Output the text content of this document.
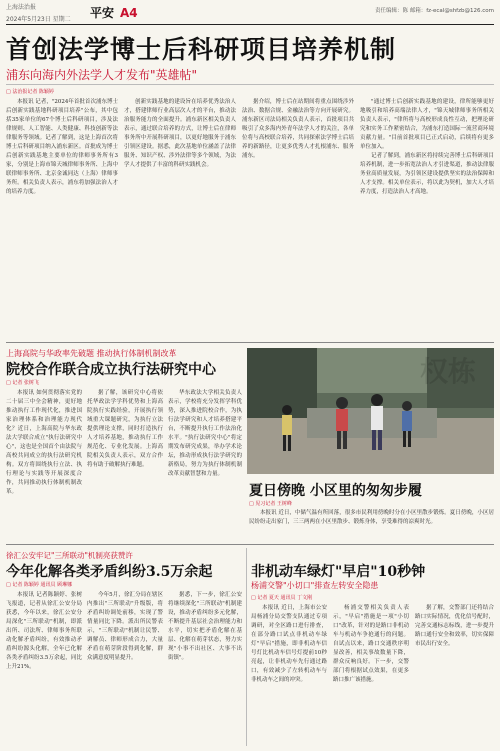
上海法治报
2024年5月23日 星期二 平安 A4	责任编辑：陈 邮箱：fz-ecal@shfzb@126.com
首创法学博士后科研项目培养机制
浦东向海内外法学人才发布"英雄帖"
□ 法治报记者 陈颖婷

本报讯 记者，"2024年首批首次浦东博士后创新实践基地科研项目培养"公布，其中包括35家单位的67个博士后科研项目，涉及法律规则、人工智能、人类健康、科技创新等法律服务等领域。记者了解到，这是上海首次将博士后科研项目纳入浦东新区。首批成为博士后创新实践基地主要单位的律师事务所有3家，分别是上海市锦天城律师事务所、上海中联律师事务所、北京金诚同达（上海）律师事务所。相关负责人表示，浦东将加强法治人才的培养力度。

创新实践基地的建设旨在培养优秀法治人才，搭建律师行业高层次人才的平台，推动法治服务能力的全面提升。浦东新区相关负责人表示，通过联合培养的方式，让博士后在律师事务所中开展科研项目，以更好地服务于浦东引领区建设。据悉，此次基地单位涵盖了法律服务、知识产权、涉外法律等多个领域，为法学人才提供了丰富的科研实践机会。

据介绍，博士后在站期间将重点围绕涉外法治、数据合规、金融法治等方向开展研究。浦东新区司法局相关负责人表示，首批项目共吸引了众多海内外青年法学人才的关注，各单位将与高校联合培养，共同探索法学博士后培养的新路径，让更多优秀人才扎根浦东、服务浦东。

"通过博士后创新实践基地的建设，律所能够更好地吸引和培养高端法律人才，"锦天城律师事务所相关负责人表示，"律所将与高校形成良性互动，把理论研究和实务工作紧密结合，为浦东打造国际一流营商环境贡献力量。"目前首批项目已正式启动，后续将有更多单位加入。

记者了解到，浦东新区将持续完善博士后科研项目培养机制，进一步拓宽法治人才引进渠道，推动法律服务业高质量发展，为引领区建设提供坚实的法治保障和人才支撑。相关单位表示，将以此为契机，加大人才培养力度，打造法治人才高地。

上海高院与华政率先破题 推动执行体制机制改革
院校合作联合成立执行法研究中心
□ 记者 张树飞

本报讯 如何贯彻落实党的二十届三中全会精神，更好地推动执行工作现代化，推进国家治理体系和治理能力现代化？近日，上海高院与华东政法大学联合成立"执行法研究中心"，这也是全国首个由法院与高校共同成立的执行法研究机构。双方将围绕执行立法、执行理论与实践等开展深度合作，共同推动执行体制机制改革。

据了解，该研究中心将依托华政法学学科优势和上海高院执行实践经验，开展执行领域重大课题研究，为执行立法提供理论支撑，同时打造执行人才培养基地，推动执行工作规范化、专业化发展。上海高院相关负责人表示，双方合作将有助于破解执行难题。

华东政法大学相关负责人表示，学校将充分发挥学科优势，深入推进院校合作，为执行法学研究和人才培养搭建平台，不断提升执行工作法治化水平。"执行法研究中心"将定期发布研究成果，举办学术论坛，推动形成执行法学研究的新格局，努力为执行体制机制改革贡献智慧和力量。

权栋
夏日傍晚 小区里的匆匆步履
□ 见习记者 王树峰

本报讯 近日，中储气温有所回落，很多市民利用傍晚时分在小区里散步锻炼。夏日傍晚，小区居民纷纷走出家门，三三两两在小区里散步、锻炼身体，享受难得的凉爽时光。

徐汇公安牢记"三所联动"机制亮获赞许
今年化解各类矛盾纠纷3.5万余起
□ 记者 陈颖婷 通讯员 顾琳娜

本报讯 记者陈颖婷、张树飞报道，记者从徐汇公安分局获悉，今年以来，徐汇公安分局深化"三所联动"机制，即派出所、司法所、律师事务所联动化解矛盾纠纷，有效推动矛盾纠纷源头化解，全年已化解各类矛盾纠纷3.5万余起，同比上升21%。

今年5月，徐汇分局在辖区内推出"三所联动"升级版，将矛盾纠纷调处前移，实现了警情量同比下降。派出所民警表示，"三所联动"机制让民警、调解员、律师形成合力，大量矛盾在萌芽阶段得到化解，群众满意度明显提升。

据悉，下一步，徐汇公安将继续深化"三所联动"机制建设，推动矛盾纠纷多元化解，不断提升基层社会治理能力和水平，切实把矛盾化解在基层、化解在萌芽状态，努力实现"小事不出社区、大事不出街镇"。

非机动车绿灯"早启"10秒钟
杨浦交警"小切口"排查左转安全隐患
□ 记者 夏天 通讯员 丁文刚

本报讯 近日，上海市公安局杨浦分局交警支队通过专项调研，对全区路口进行排查，在部分路口试点非机动车绿灯"早启"措施，即非机动车信号灯比机动车信号灯提前10秒亮起，让非机动车先行通过路口，有效减少了左转机动车与非机动车之间的冲突。

杨浦交警相关负责人表示，"早启"措施是一项"小切口"改革，针对的是路口非机动车与机动车争抢通行的问题。自试点以来，路口交通秩序明显改善，相关事故数量下降，群众反响良好。下一步，交警部门将根据试点效果，在更多路口推广该措施。

据了解，交警部门还将结合路口实际情况，优化信号配时，完善交通标志标线，进一步提升路口通行安全和效率，切实保障市民出行安全。
